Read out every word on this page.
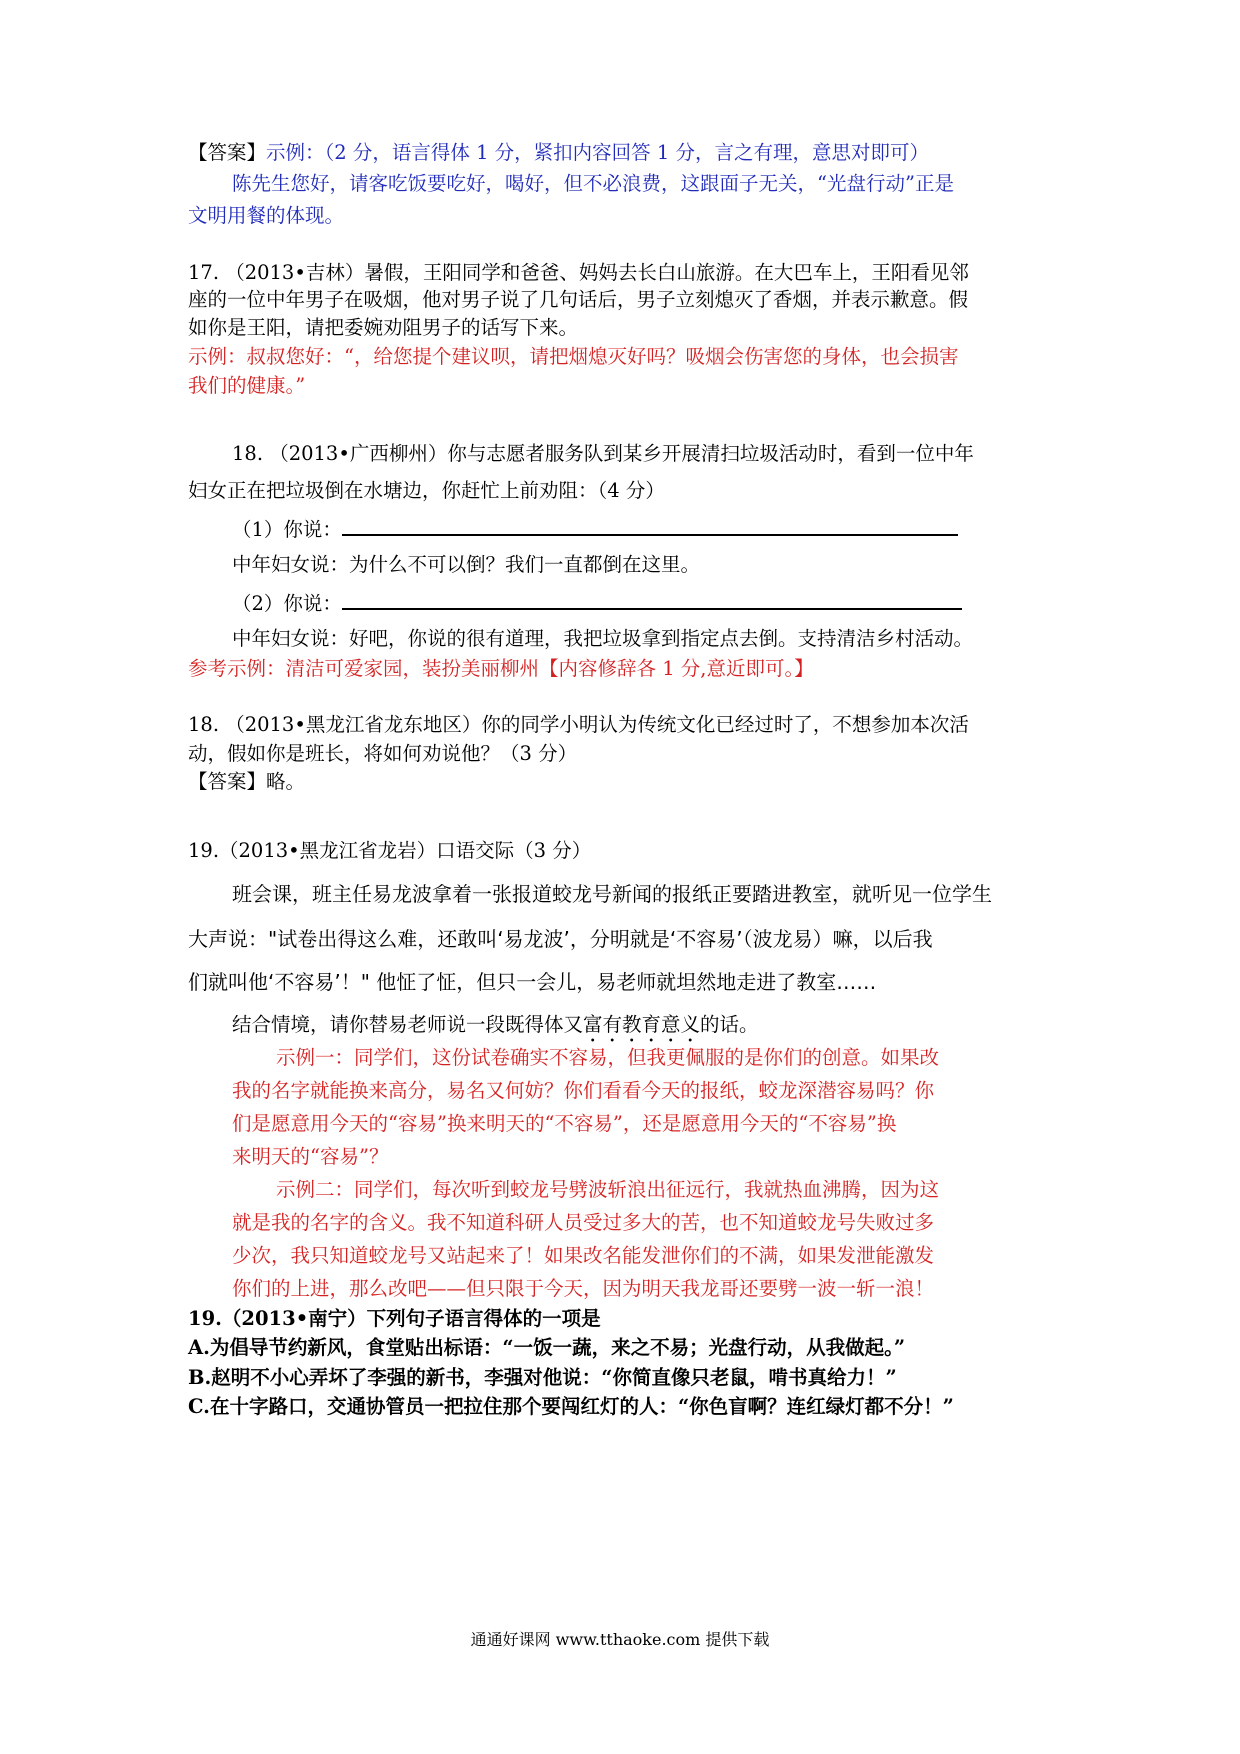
【答案】示例：（2 分，语言得体 1 分，紧扣内容回答 1 分，言之有理，意思对即可）
陈先生您好，请客吃饭要吃好，喝好，但不必浪费，这跟面子无关，“光盘行动”正是
文明用餐的体现。
17. （2013•吉林）暑假，王阳同学和爸爸、妈妈去长白山旅游。在大巴车上，王阳看见邻
座的一位中年男子在吸烟，他对男子说了几句话后，男子立刻熄灭了香烟，并表示歉意。假
如你是王阳，请把委婉劝阻男子的话写下来。
示例：叔叔您好：“，给您提个建议呗，请把烟熄灭好吗？吸烟会伤害您的身体，也会损害
我们的健康。”
18. （2013•广西柳州）你与志愿者服务队到某乡开展清扫垃圾活动时，看到一位中年
妇女正在把垃圾倒在水塘边，你赶忙上前劝阻：（4 分）
（1）你说：
中年妇女说：为什么不可以倒？我们一直都倒在这里。
（2）你说：
中年妇女说：好吧，你说的很有道理，我把垃圾拿到指定点去倒。支持清洁乡村活动。
参考示例：清洁可爱家园，装扮美丽柳州【内容修辞各 1 分,意近即可。】
18. （2013•黑龙江省龙东地区）你的同学小明认为传统文化已经过时了，不想参加本次活
动，假如你是班长，将如何劝说他？（3 分）
【答案】略。
19.（2013•黑龙江省龙岩）口语交际（3 分）
班会课，班主任易龙波拿着一张报道蛟龙号新闻的报纸正要踏进教室，就听见一位学生
大声说："试卷出得这么难，还敢叫‘易龙波’，分明就是‘不容易’（波龙易）嘛，以后我
们就叫他‘不容易’！" 他怔了怔，但只一会儿，易老师就坦然地走进了教室……
结合情境，请你替易老师说一段既得体又富有教育意义的话。
示例一：同学们，这份试卷确实不容易，但我更佩服的是你们的创意。如果改
我的名字就能换来高分，易名又何妨？你们看看今天的报纸，蛟龙深潜容易吗？你
们是愿意用今天的“容易”换来明天的“不容易”，还是愿意用今天的“不容易”换
来明天的“容易”？
示例二：同学们，每次听到蛟龙号劈波斩浪出征远行，我就热血沸腾，因为这
就是我的名字的含义。我不知道科研人员受过多大的苦，也不知道蛟龙号失败过多
少次，我只知道蛟龙号又站起来了！如果改名能发泄你们的不满，如果发泄能激发
你们的上进，那么改吧——但只限于今天，因为明天我龙哥还要劈一波一斩一浪！
19.（2013•南宁）下列句子语言得体的一项是
A.为倡导节约新风，食堂贴出标语：“一饭一蔬，来之不易；光盘行动，从我做起。”
B.赵明不小心弄坏了李强的新书，李强对他说：“你简直像只老鼠，啃书真给力！”
C.在十字路口，交通协管员一把拉住那个要闯红灯的人：“你色盲啊？连红绿灯都不分！”
通通好课网 www.tthaoke.com 提供下载
